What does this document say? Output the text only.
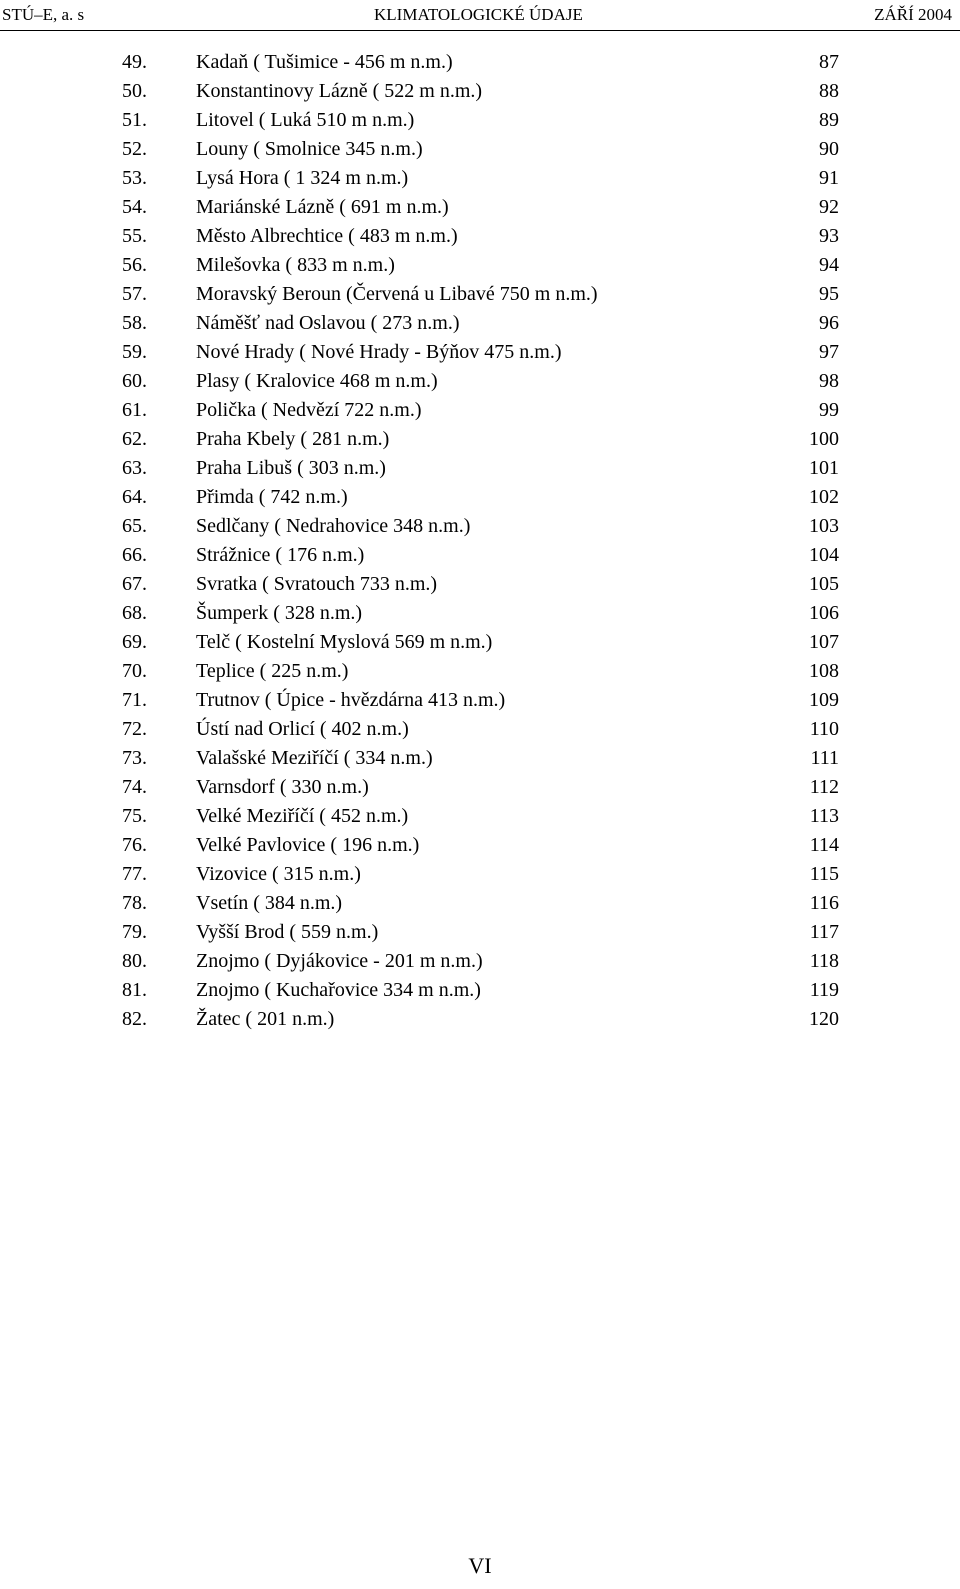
STÚ–E, a. s	KLIMATOLOGICKÉ ÚDAJE	ZÁŘÍ 2004
49. Kadaň ( Tušimice - 456 m n.m.)	87
50. Konstantinovy Lázně ( 522 m n.m.)	88
51. Litovel ( Luká 510 m n.m.)	89
52. Louny ( Smolnice 345 n.m.)	90
53. Lysá Hora ( 1 324 m n.m.)	91
54. Mariánské Lázně ( 691 m n.m.)	92
55. Město Albrechtice ( 483 m n.m.)	93
56. Milešovka ( 833 m n.m.)	94
57. Moravský Beroun (Červená u Libavé 750 m n.m.)	95
58. Náměšť nad Oslavou ( 273 n.m.)	96
59. Nové Hrady ( Nové Hrady - Býňov 475 n.m.)	97
60. Plasy ( Kralovice 468 m n.m.)	98
61. Polička ( Nedvězí 722 n.m.)	99
62. Praha Kbely ( 281 n.m.)	100
63. Praha Libuš ( 303 n.m.)	101
64. Přimda ( 742 n.m.)	102
65. Sedlčany ( Nedrahovice 348 n.m.)	103
66. Strážnice ( 176 n.m.)	104
67. Svratka ( Svratouch 733 n.m.)	105
68. Šumperk ( 328 n.m.)	106
69. Telč ( Kostelní Myslová 569 m n.m.)	107
70. Teplice ( 225 n.m.)	108
71. Trutnov ( Úpice - hvězdárna 413 n.m.)	109
72. Ústí nad Orlicí ( 402 n.m.)	110
73. Valašské Meziříčí ( 334 n.m.)	111
74. Varnsdorf ( 330 n.m.)	112
75. Velké Meziříčí ( 452 n.m.)	113
76. Velké Pavlovice ( 196 n.m.)	114
77. Vizovice ( 315 n.m.)	115
78. Vsetín ( 384 n.m.)	116
79. Vyšší Brod ( 559 n.m.)	117
80. Znojmo ( Dyjákovice - 201 m n.m.)	118
81. Znojmo ( Kuchařovice 334 m n.m.)	119
82. Žatec ( 201 n.m.)	120
VI
